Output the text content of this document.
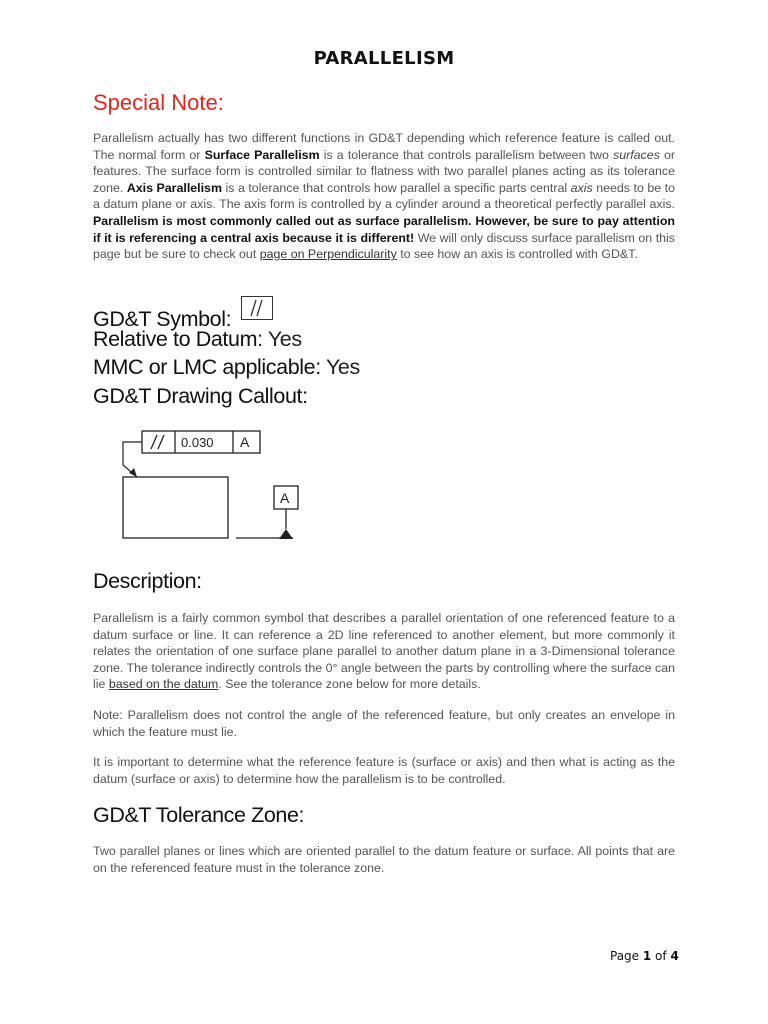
PARALLELISM
Special Note:
Parallelism actually has two different functions in GD&T depending which reference feature is called out. The normal form or Surface Parallelism is a tolerance that controls parallelism between two surfaces or features. The surface form is controlled similar to flatness with two parallel planes acting as its tolerance zone. Axis Parallelism is a tolerance that controls how parallel a specific parts central axis needs to be to a datum plane or axis. The axis form is controlled by a cylinder around a theoretical perfectly parallel axis. Parallelism is most commonly called out as surface parallelism. However, be sure to pay attention if it is referencing a central axis because it is different! We will only discuss surface parallelism on this page but be sure to check out page on Perpendicularity to see how an axis is controlled with GD&T.
GD&T Symbol:
Relative to Datum: Yes
MMC or LMC applicable: Yes
GD&T Drawing Callout:
0.030 A
A
Description:
Parallelism is a fairly common symbol that describes a parallel orientation of one referenced feature to a datum surface or line. It can reference a 2D line referenced to another element, but more commonly it relates the orientation of one surface plane parallel to another datum plane in a 3-Dimensional tolerance zone. The tolerance indirectly controls the 0° angle between the parts by controlling where the surface can lie based on the datum. See the tolerance zone below for more details.
Note: Parallelism does not control the angle of the referenced feature, but only creates an envelope in which the feature must lie.
It is important to determine what the reference feature is (surface or axis) and then what is acting as the datum (surface or axis) to determine how the parallelism is to be controlled.
GD&T Tolerance Zone:
Two parallel planes or lines which are oriented parallel to the datum feature or surface. All points that are on the referenced feature must in the tolerance zone.
Page 1 of 4
